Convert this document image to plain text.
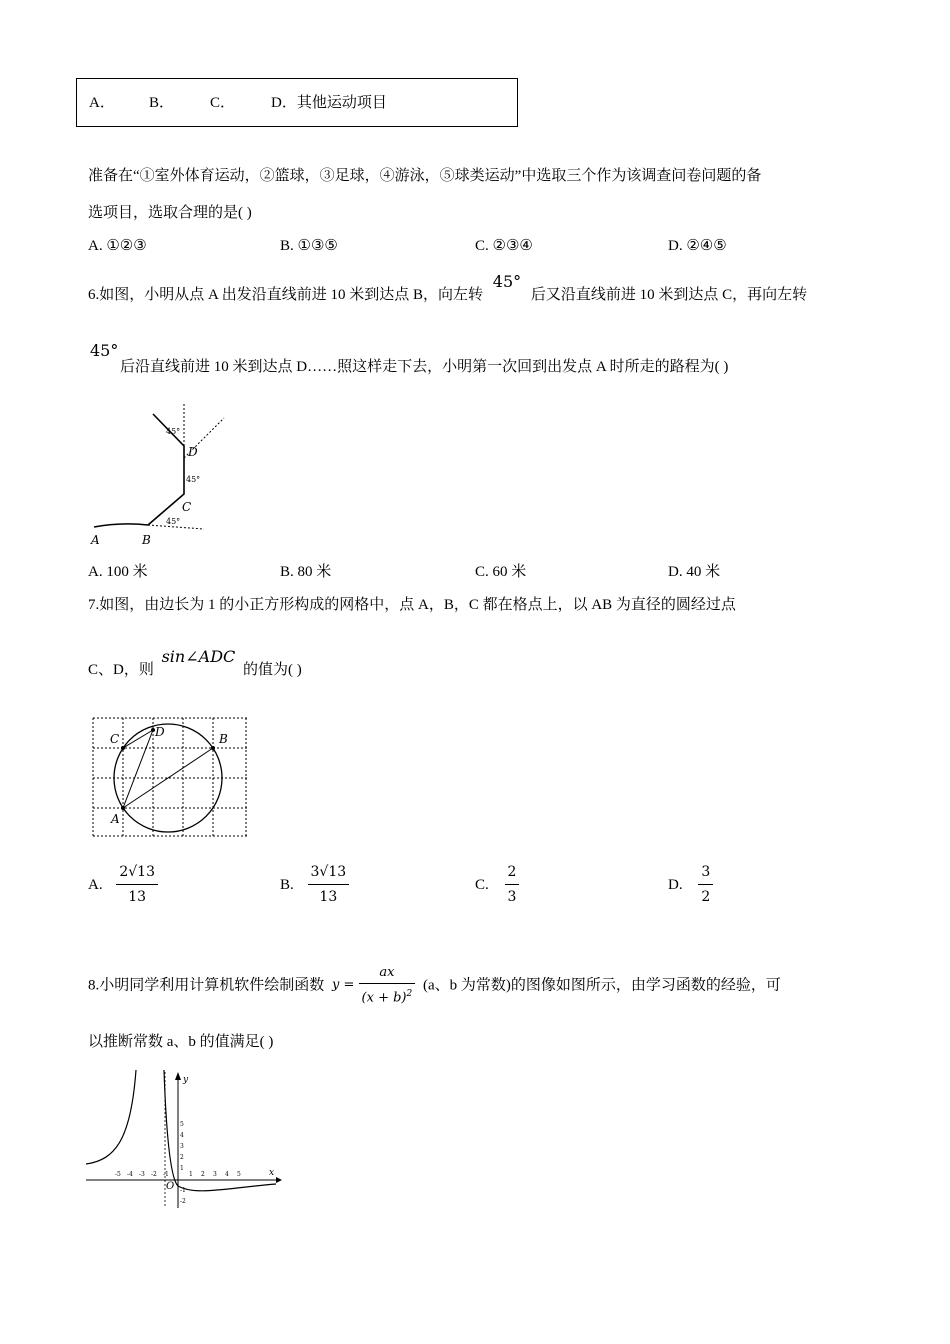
A． B． C． D．其他运动项目
准备在“①室外体育运动，②篮球，③足球，④游泳，⑤球类运动”中选取三个作为该调查问卷问题的备
选项目，选取合理的是( )
A. ①②③	B. ①③⑤	C. ②③④	D. ②④⑤
6.如图，小明从点 A 出发沿直线前进 10 米到达点 B，向左转 45° 后又沿直线前进 10 米到达点 C，再向左转
45°
后沿直线前进 10 米到达点 D……照这样走下去，小明第一次回到出发点 A 时所走的路程为( )
A	B
C
D
45°
45°
45°
A. 100 米	B. 80 米	C. 60 米	D. 40 米
7.如图，由边长为 1 的小正方形构成的网格中，点 A，B，C 都在格点上，以 AB 为直径的圆经过点
C、D，则 sin∠ADC 的值为( )
C	D	B
A
A. $\frac{2√13}{13}$	B. $\frac{3√13}{13}$	C. $\frac{2}{3}$	D. $\frac{3}{2}$
8.小明同学利用计算机软件绘制函数 $y = \frac{ax}{(x + b)^2} (a$、b 为常数)的图像如图所示，由学习函数的经验，可
以推断常数 a、b 的值满足( )
x
y
O
-5 -4 -3 -2 -1	1 2 3 4 5
5
4
3
2
1
-1
-2
